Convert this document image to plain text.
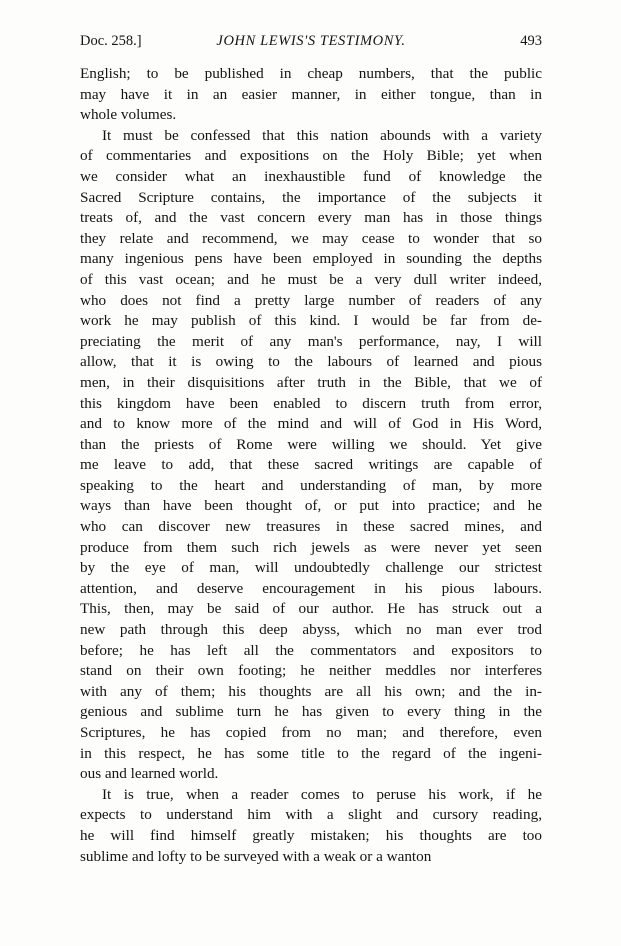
Doc. 258.]	JOHN LEWIS'S TESTIMONY.	493

English; to be published in cheap numbers, that the public
may have it in an easier manner, in either tongue, than in
whole volumes.

It must be confessed that this nation abounds with a variety
of commentaries and expositions on the Holy Bible; yet when
we consider what an inexhaustible fund of knowledge the
Sacred Scripture contains, the importance of the subjects it
treats of, and the vast concern every man has in those things
they relate and recommend, we may cease to wonder that so
many ingenious pens have been employed in sounding the depths
of this vast ocean; and he must be a very dull writer indeed,
who does not find a pretty large number of readers of any
work he may publish of this kind. I would be far from de-
preciating the merit of any man's performance, nay, I will
allow, that it is owing to the labours of learned and pious
men, in their disquisitions after truth in the Bible, that we of
this kingdom have been enabled to discern truth from error,
and to know more of the mind and will of God in His Word,
than the priests of Rome were willing we should. Yet give
me leave to add, that these sacred writings are capable of
speaking to the heart and understanding of man, by more
ways than have been thought of, or put into practice; and he
who can discover new treasures in these sacred mines, and
produce from them such rich jewels as were never yet seen
by the eye of man, will undoubtedly challenge our strictest
attention, and deserve encouragement in his pious labours.
This, then, may be said of our author. He has struck out a
new path through this deep abyss, which no man ever trod
before; he has left all the commentators and expositors to
stand on their own footing; he neither meddles nor interferes
with any of them; his thoughts are all his own; and the in-
genious and sublime turn he has given to every thing in the
Scriptures, he has copied from no man; and therefore, even
in this respect, he has some title to the regard of the ingeni-
ous and learned world.

It is true, when a reader comes to peruse his work, if he
expects to understand him with a slight and cursory reading,
he will find himself greatly mistaken; his thoughts are too
sublime and lofty to be surveyed with a weak or a wanton
